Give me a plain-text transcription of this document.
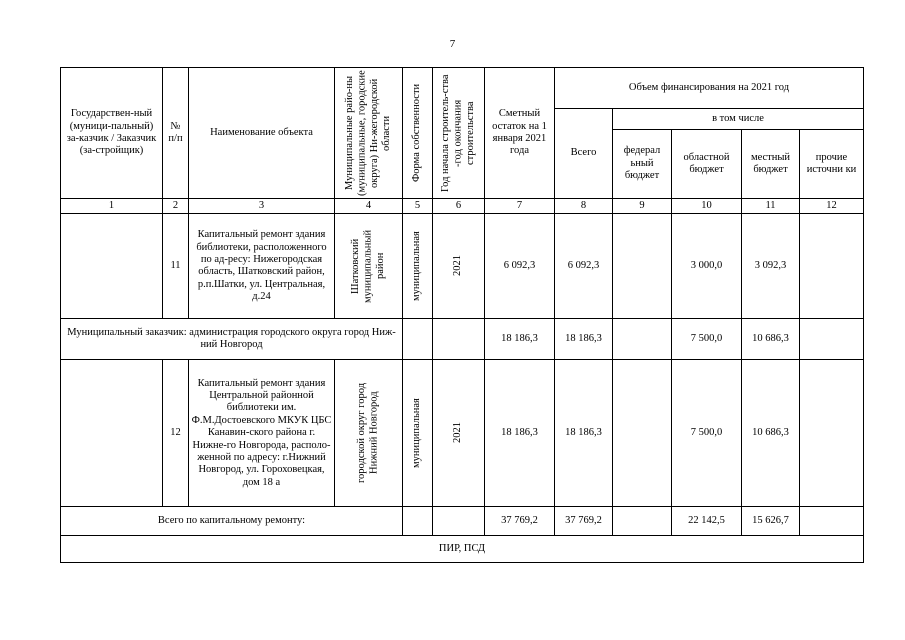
7
Государствен-ный (муници-пальный) за-казчик / Заказчик (за-стройщик)	№ п/п	Наименование объекта	Муниципальные райо-ны (муниципальные, городские округа) Ни-жегородской области	Форма собственности	Год начала строитель-ства -год окончания строительства	Сметный остаток на 1 января 2021 года	Объем финансирования на 2021 год				
							Всего	в том числе			
								федерал ьный бюджет	областной бюджет	местный бюджет	прочие источни ки
1	2	3	4	5	6	7	8	9	10	11	12
	11	Капитальный ремонт здания библиотеки, расположенного по ад-ресу: Нижегородская область, Шатковский район, р.п.Шатки, ул. Центральная, д.24	Шатковский муниципальный район	муниципальная	2021	6 092,3	6 092,3		3 000,0	3 092,3	
Муниципальный заказчик: администрация городского округа город Ниж-ний Новгород						18 186,3	18 186,3		7 500,0	10 686,3	
	12	Капитальный ремонт здания Центральной районной библиотеки им. Ф.М.Достоевского МКУК ЦБС Канавин-ского района г. Нижне-го Новгорода, располо-женной по адресу: г.Нижний Новгород, ул. Гороховецкая, дом 18 а	городской округ город Нижний Новгород	муниципальная	2021	18 186,3	18 186,3		7 500,0	10 686,3	
Всего по капитальному ремонту:						37 769,2	37 769,2		22 142,5	15 626,7	
ПИР, ПСД											
